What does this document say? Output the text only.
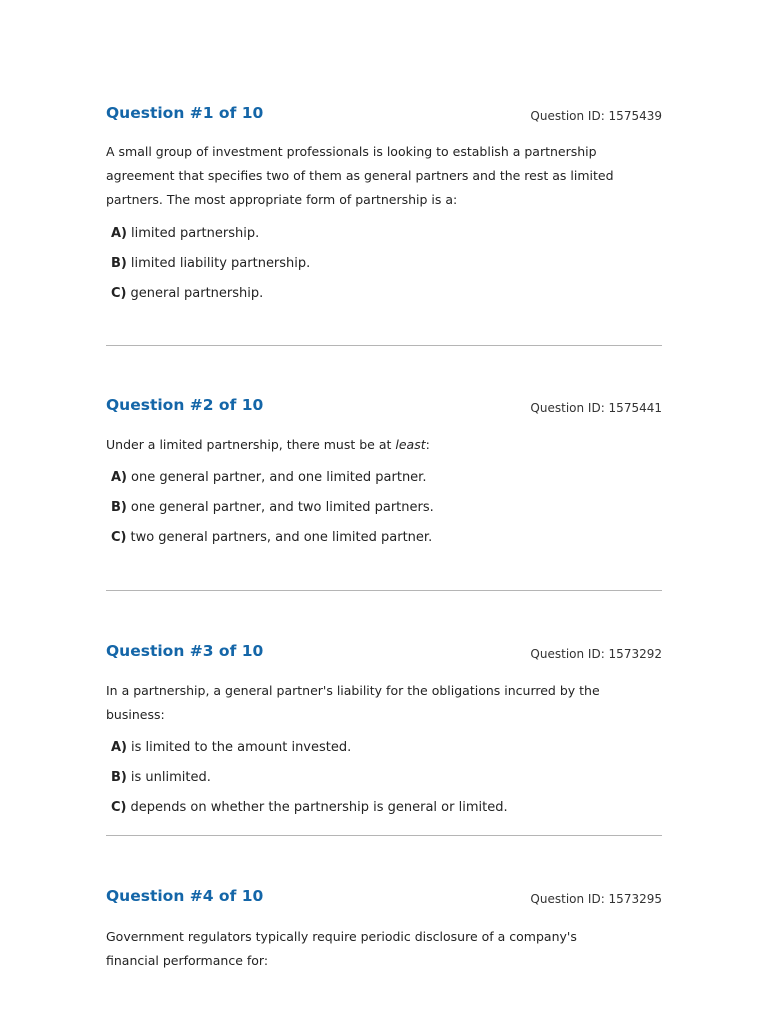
Question #1 of 10	Question ID: 1575439

A small group of investment professionals is looking to establish a partnership agreement that specifies two of them as general partners and the rest as limited partners. The most appropriate form of partnership is a:

A) limited partnership.
B) limited liability partnership.
C) general partnership.
Question #2 of 10	Question ID: 1575441

Under a limited partnership, there must be at least:

A) one general partner, and one limited partner.
B) one general partner, and two limited partners.
C) two general partners, and one limited partner.
Question #3 of 10	Question ID: 1573292

In a partnership, a general partner's liability for the obligations incurred by the business:

A) is limited to the amount invested.
B) is unlimited.
C) depends on whether the partnership is general or limited.
Question #4 of 10	Question ID: 1573295

Government regulators typically require periodic disclosure of a company's financial performance for:
